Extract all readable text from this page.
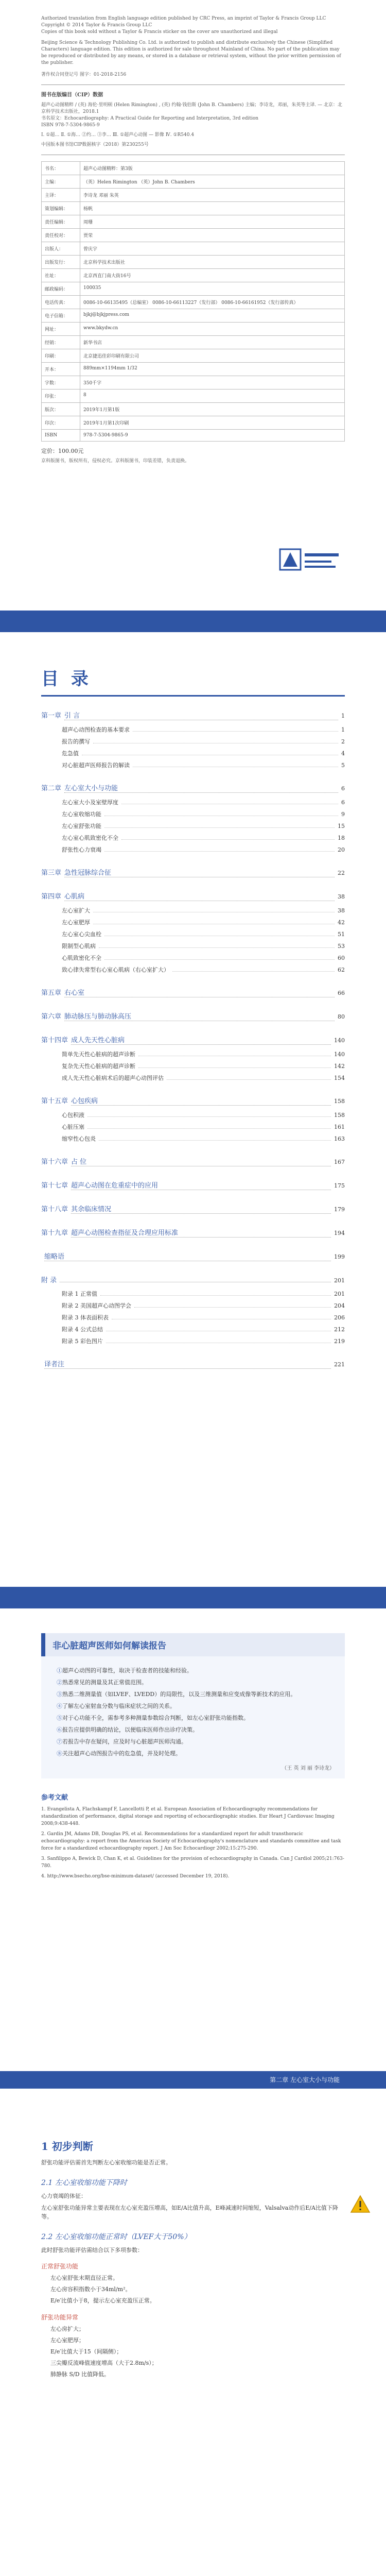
Authorized translation from English language edition published by CRC Press, an imprint of Taylor & Francis Group LLC

Copyright © 2014 Taylor & Francis Group LLC

Copies of this book sold without a Taylor & Francis sticker on the cover are unauthorized and illegal

Beijing Science & Technology Publishing Co. Ltd. is authorized to publish and distribute exclusively the Chinese (Simplified Characters) language edition. This edition is authorized for sale throughout Mainland of China. No part of the publication may be reproduced or distributed by any means, or stored in a database or retrieval system, without the prior written permission of the publisher.

著作权合同登记号 图字：01-2018-2156

图书在版编目（CIP）数据

超声心动图精粹 / (英) 海伦·里明顿 (Helen Rimington) , (英) 约翰·钱伯斯 (John B. Chambers) 主编；李诗龙，邓丽，朱英等主译. — 北京：北京科学技术出版社，2018.1

书名原文：Echocardiography: A Practical Guide for Reporting and Interpretation, 3rd edition

ISBN 978-7-5304-9865-9

Ⅰ. ①超… Ⅱ. ①海… ②约… ③李… Ⅲ. ①超声心动图 — 影像 Ⅳ. ①R540.4

中国版本图书馆CIP数据核字（2018）第230255号

书名：	超声心动图精粹：第3版
主编：	（英）Helen Rimington （英）John B. Chambers
主译：	李诗龙 邓丽 朱英
策划编辑：	杨帆
责任编辑：	周珊
责任校对：	贾荣
出版人：	曾庆宇
出版发行：	北京科学技术出版社
社址：	北京西直门南大街16号
邮政编码：	100035
电话传真：	0086-10-66135495（总编室） 0086-10-66113227（发行部） 0086-10-66161952（发行部传真）
电子信箱：	bjkj@bjkjpress.com
网址：	www.bkydw.cn
经销：	新华书店
印刷：	北京捷迅佳彩印刷有限公司
开本：	889mm×1194mm 1/32
字数：	350千字
印张：	8
版次：	2019年1月第1版
印次：	2019年1月第1次印刷
ISBN	978-7-5304-9865-9

定价：100.00元

京科版图书，版权所有，侵权必究。京科版图书，印装差错，负责退换。

目 录
第一章 引 言	1
超声心动图检查的基本要求	1
报告的撰写	2
危急值	4
对心脏超声医师报告的解读	5
第二章 左心室大小与功能	6
左心室大小及室壁厚度	6
左心室收缩功能	9
左心室舒张功能	15
左心室心肌致密化不全	18
舒张性心力衰竭	20
第三章 急性冠脉综合征	22
第四章 心肌病	38
左心室扩大	38
左心室肥厚	42
左心室心尖血栓	51
限制型心肌病	53
心肌致密化不全	60
致心律失常型右心室心肌病（右心室扩大）	62
第五章 右心室	66
第六章 肺动脉压与肺动脉高压	80
第十四章 成人先天性心脏病	140
简单先天性心脏病的超声诊断	140
复杂先天性心脏病的超声诊断	142
成人先天性心脏病术后的超声心动图评估	154
第十五章 心包疾病	158
心包积液	158
心脏压塞	161
缩窄性心包炎	163
第十六章 占 位	167
第十七章 超声心动图在危重症中的应用	175
第十八章 其余临床情况	179
第十九章 超声心动图检查指征及合理应用标准	194
缩略语	199
附 录	201
附录 1 正常值	201
附录 2 美国超声心动图学会	204
附录 3 体表面积表	206
附录 4 公式总结	212
附录 5 彩色图片	219
译者注	221
非心脏超声医师如何解读报告
①超声心动图的可靠性，取决于检查者的技能和经验。
②熟悉常见的测量及其正常值范围。
③熟悉二维测量值（如LVEF、LVEDD）的局限性，以及三维测量和应变成像等新技术的应用。
④了解左心室射血分数与临床症状之间的关系。
⑤对于心功能不全，需参考多种测量参数综合判断，如左心室舒张功能指数。
⑥报告应提供明确的结论，以便临床医师作出诊疗决策。
⑦若报告中存在疑问，应及时与心脏超声医师沟通。
⑧关注超声心动图报告中的危急值，并及时处理。
（王 英 刘 丽 李诗龙）
参考文献

1. Evangelista A, Flachskampf F, Lancellotti P, et al. European Association of Echocardiography recommendations for standardization of performance, digital storage and reporting of echocardiographic studies. Eur Heart J Cardiovasc Imaging 2008;9:438-448.

2. Gardin JM, Adams DB, Douglas PS, et al. Recommendations for a standardized report for adult transthoracic echocardiography: a report from the American Society of Echocardiography's nomenclature and standards committee and task force for a standardized echocardiography report. J Am Soc Echocardiogr 2002;15:275-290.

3. Sanfilippo A, Bewick D, Chan K, et al. Guidelines for the provision of echocardiography in Canada. Can J Cardiol 2005;21:763-780.

4. http://www.bsecho.org/bse-minimum-dataset/ (accessed December 19, 2018).

第二章 左心室大小与功能
1 初步判断

舒张功能评估需首先判断左心室收缩功能是否正常。

2.1 左心室收缩功能下降时

心力衰竭的体征：

左心室舒张功能异常主要表现在左心室充盈压增高，如E/A比值升高，E峰减速时间缩短，Valsalva动作后E/A比值下降等。

2.2 左心室收缩功能正常时（LVEF大于50%）

此时舒张功能评估需结合以下多项参数：

正常舒张功能
左心室舒张末期直径正常。
左心房容积指数小于34ml/m²。
E/e′比值小于8，提示左心室充盈压正常。
舒张功能异常
左心房扩大；
左心室肥厚；
E/e′比值大于15（间隔侧）；
三尖瓣反流峰值速度增高（大于2.8m/s）；
肺静脉 S/D 比值降低。
